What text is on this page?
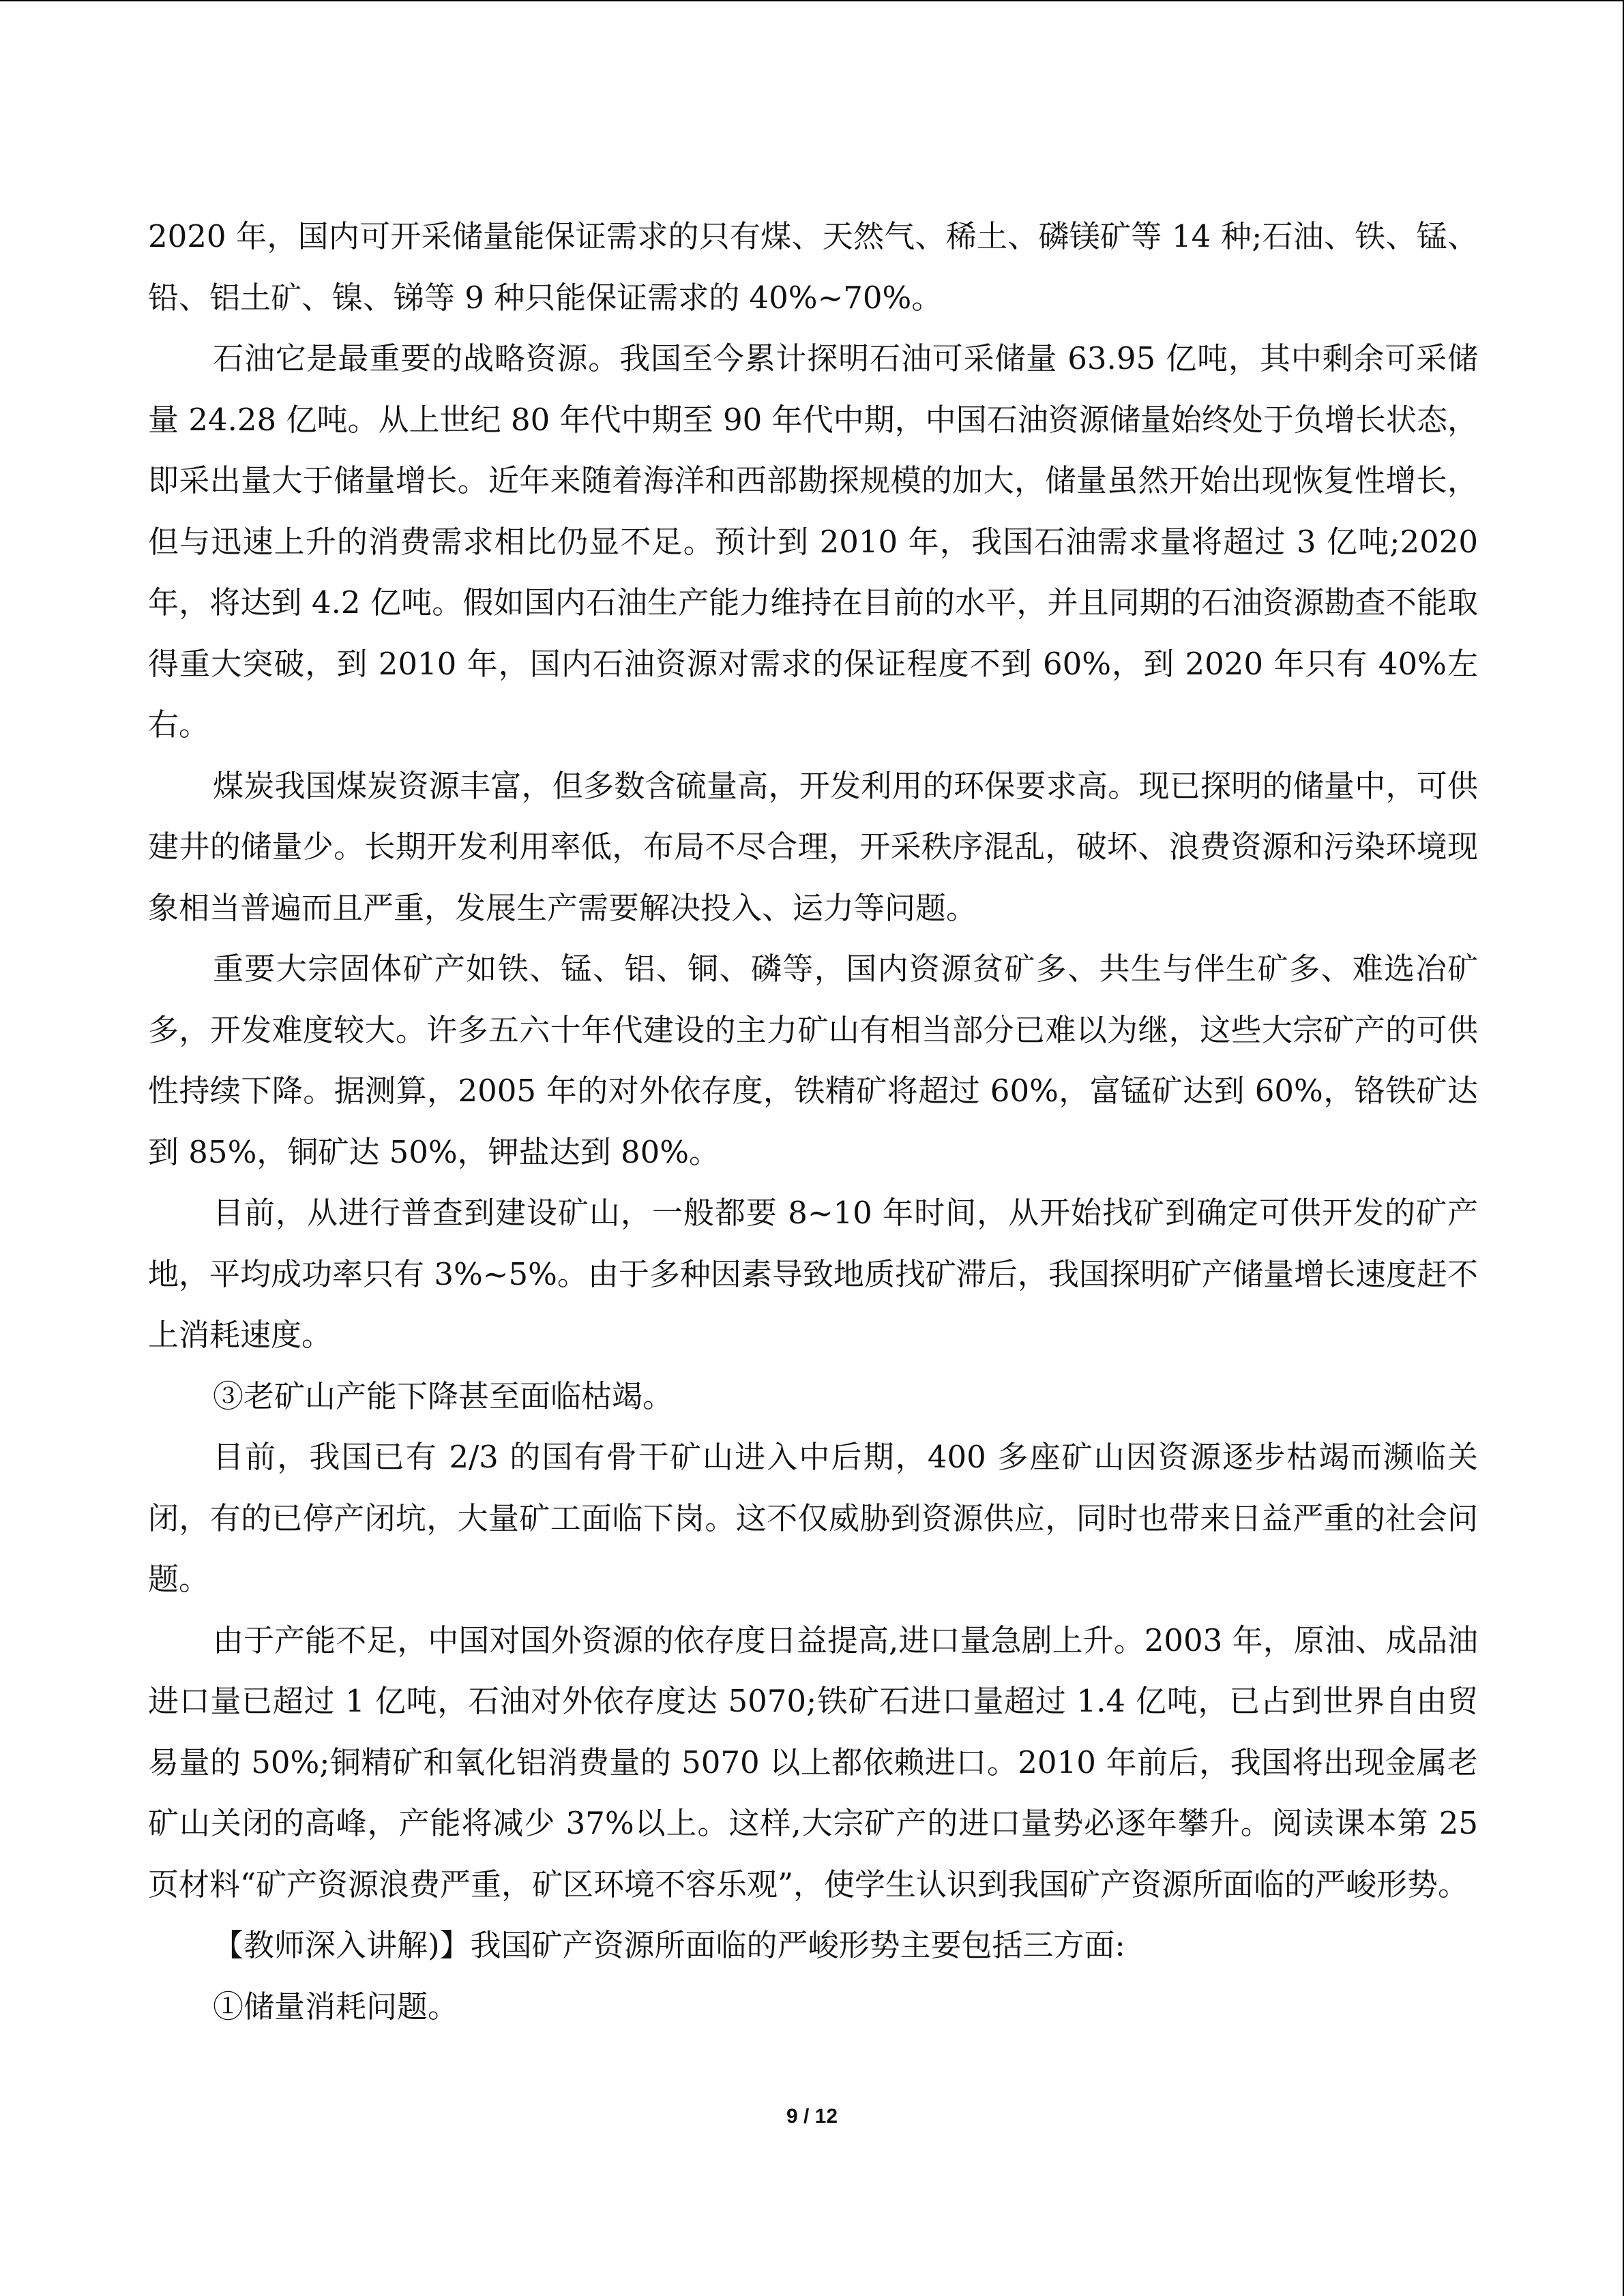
2020 年，国内可开采储量能保证需求的只有煤、天然气、稀土、磷镁矿等 14 种;石油、铁、锰、铅、铝土矿、镍、锑等 9 种只能保证需求的 40%~70%。

石油它是最重要的战略资源。我国至今累计探明石油可采储量 63.95 亿吨，其中剩余可采储量 24.28 亿吨。从上世纪 80 年代中期至 90 年代中期，中国石油资源储量始终处于负增长状态，即采出量大于储量增长。近年来随着海洋和西部勘探规模的加大，储量虽然开始出现恢复性增长，但与迅速上升的消费需求相比仍显不足。预计到 2010 年，我国石油需求量将超过 3 亿吨;2020 年，将达到 4.2 亿吨。假如国内石油生产能力维持在目前的水平，并且同期的石油资源勘查不能取得重大突破，到 2010 年，国内石油资源对需求的保证程度不到 60%，到 2020 年只有 40%左右。

煤炭我国煤炭资源丰富，但多数含硫量高，开发利用的环保要求高。现已探明的储量中，可供建井的储量少。长期开发利用率低，布局不尽合理，开采秩序混乱，破坏、浪费资源和污染环境现象相当普遍而且严重，发展生产需要解决投入、运力等问题。

重要大宗固体矿产如铁、锰、铝、铜、磷等，国内资源贫矿多、共生与伴生矿多、难选冶矿多，开发难度较大。许多五六十年代建设的主力矿山有相当部分已难以为继，这些大宗矿产的可供性持续下降。据测算，2005 年的对外依存度，铁精矿将超过 60%，富锰矿达到 60%，铬铁矿达到 85%，铜矿达 50%，钾盐达到 80%。

目前，从进行普查到建设矿山，一般都要 8~10 年时间，从开始找矿到确定可供开发的矿产地，平均成功率只有 3%~5%。由于多种因素导致地质找矿滞后，我国探明矿产储量增长速度赶不上消耗速度。

③老矿山产能下降甚至面临枯竭。

目前，我国已有 2/3 的国有骨干矿山进入中后期，400 多座矿山因资源逐步枯竭而濒临关闭，有的已停产闭坑，大量矿工面临下岗。这不仅威胁到资源供应，同时也带来日益严重的社会问题。

由于产能不足，中国对国外资源的依存度日益提高,进口量急剧上升。2003 年，原油、成品油进口量已超过 1 亿吨，石油对外依存度达 5070;铁矿石进口量超过 1.4 亿吨，已占到世界自由贸易量的 50%;铜精矿和氧化铝消费量的 5070 以上都依赖进口。2010 年前后，我国将出现金属老矿山关闭的高峰，产能将减少 37%以上。这样,大宗矿产的进口量势必逐年攀升。阅读课本第 25 页材料“矿产资源浪费严重，矿区环境不容乐观”，使学生认识到我国矿产资源所面临的严峻形势。

【教师深入讲解)】我国矿产资源所面临的严峻形势主要包括三方面:

①储量消耗问题。

9 / 12
